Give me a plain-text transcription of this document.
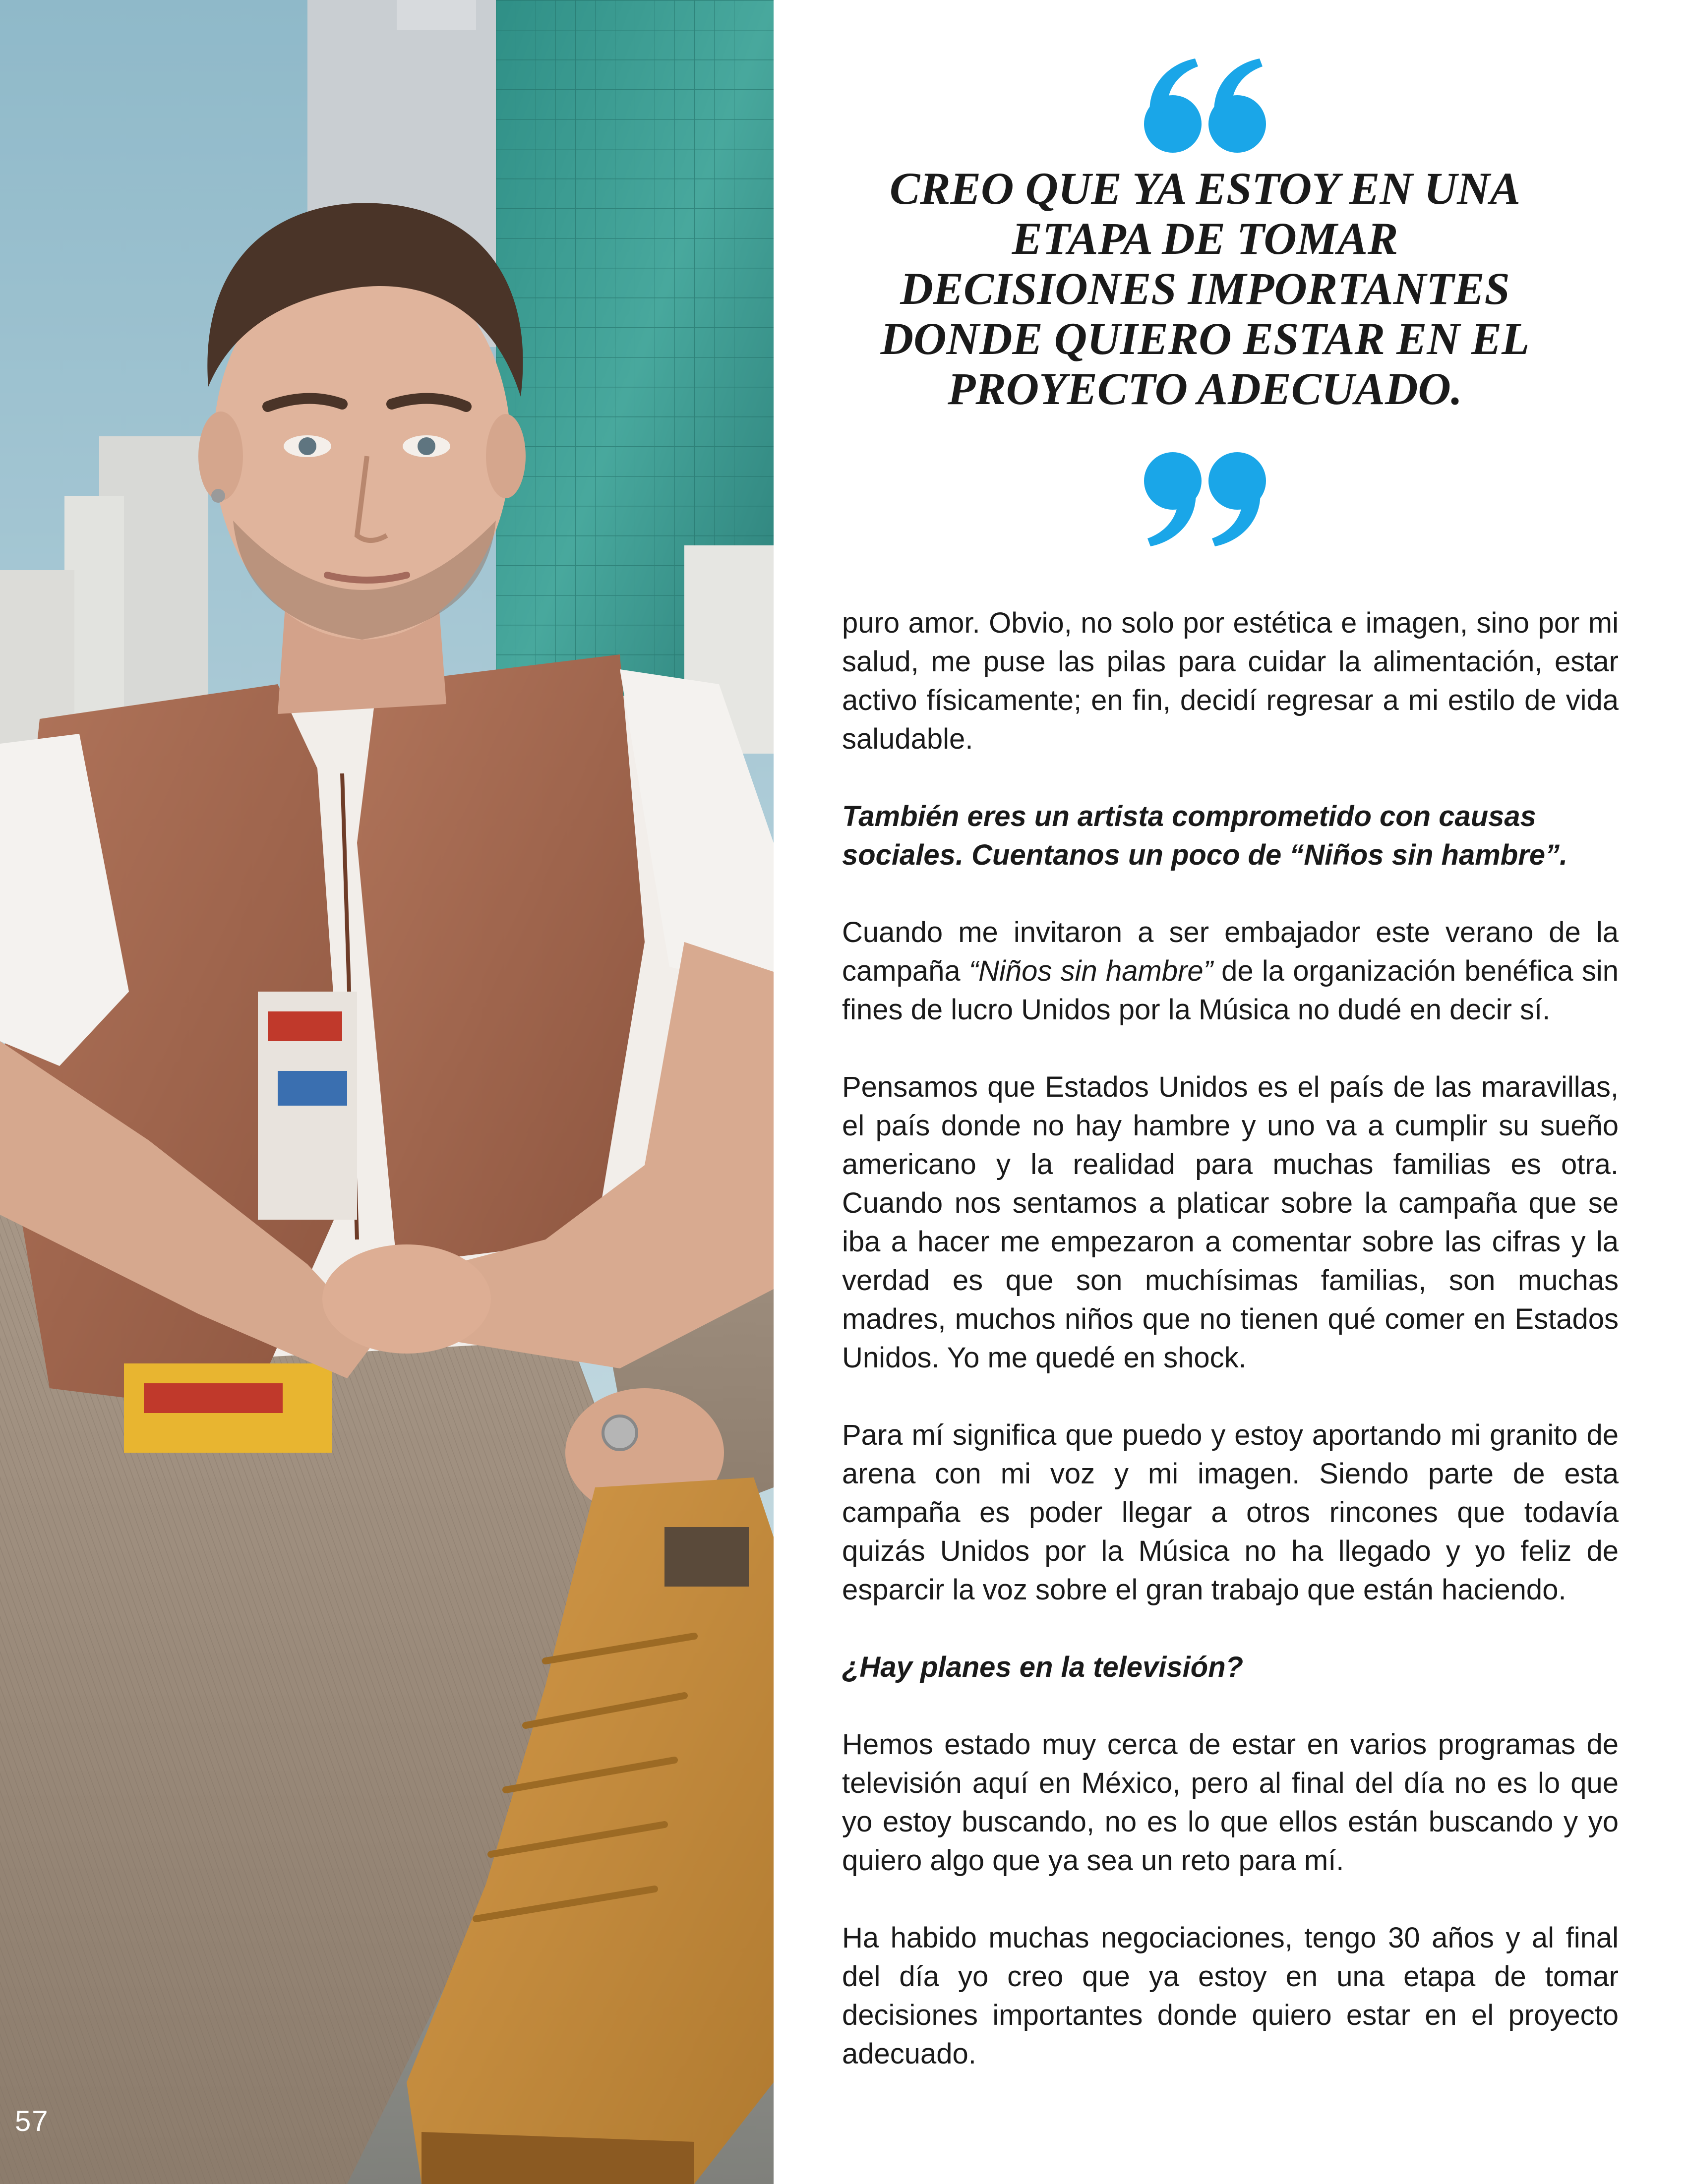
57

CREO QUE YA ESTOY EN UNA ETAPA DE TOMAR DECISIONES IMPORTANTES DONDE QUIERO ESTAR EN EL PROYECTO ADECUADO.

puro amor. Obvio, no solo por estética e imagen, sino por mi salud, me puse las pilas para cuidar la alimentación, estar activo físicamente; en fin, decidí regresar a mi estilo de vida saludable.

También eres un artista comprometido con causas sociales. Cuentanos un poco de “Niños sin hambre”.

Cuando me invitaron a ser embajador este verano de la campaña “Niños sin hambre” de la organización benéfica sin fines de lucro Unidos por la Música no dudé en decir sí.

Pensamos que Estados Unidos es el país de las maravillas, el país donde no hay hambre y uno va a cumplir su sueño americano y la realidad para muchas familias es otra. Cuando nos sentamos a platicar sobre la campaña que se iba a hacer me empezaron a comentar sobre las cifras y la verdad es que son muchísimas familias, son muchas madres, muchos niños que no tienen qué comer en Estados Unidos. Yo me quedé en shock.

Para mí significa que puedo y estoy aportando mi granito de arena con mi voz y mi imagen. Siendo parte de esta campaña es poder llegar a otros rincones que todavía quizás Unidos por la Música no ha llegado y yo feliz de esparcir la voz sobre el gran trabajo que están haciendo.

¿Hay planes en la televisión?

Hemos estado muy cerca de estar en varios programas de televisión aquí en México, pero al final del día no es lo que yo estoy buscando, no es lo que ellos están buscando y yo quiero algo que ya sea un reto para mí.

Ha habido muchas negociaciones, tengo 30 años y al final del día yo creo que ya estoy en una etapa de tomar decisiones importantes donde quiero estar en el proyecto adecuado.
